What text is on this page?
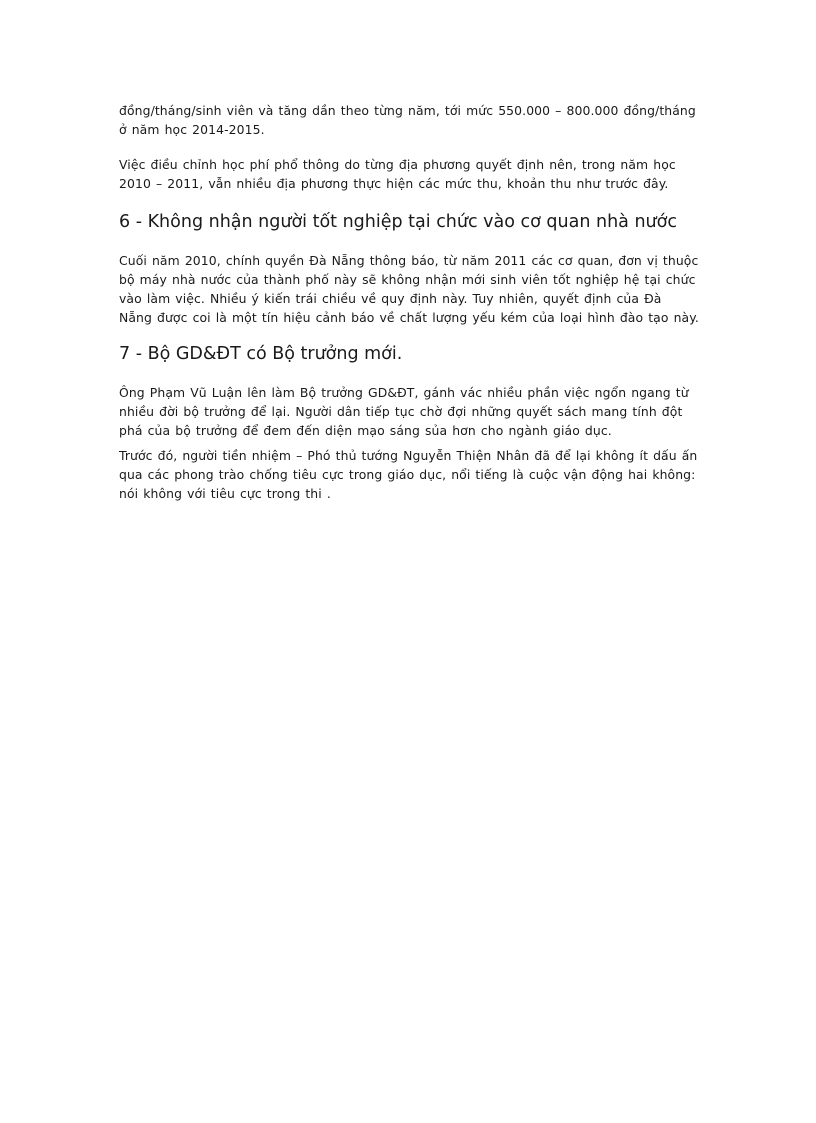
đồng/tháng/sinh viên và tăng dần theo từng năm, tới mức 550.000 – 800.000 đồng/tháng ở năm học 2014-2015.

Việc điều chỉnh học phí phổ thông do từng địa phương quyết định nên, trong năm học 2010 – 2011, vẫn nhiều địa phương thực hiện các mức thu, khoản thu như trước đây.

6 - Không nhận người tốt nghiệp tại chức vào cơ quan nhà nước

Cuối năm 2010, chính quyền Đà Nẵng thông báo, từ năm 2011 các cơ quan, đơn vị thuộc bộ máy nhà nước của thành phố này sẽ không nhận mới sinh viên tốt nghiệp hệ tại chức vào làm việc. Nhiều ý kiến trái chiều về quy định này. Tuy nhiên, quyết định của Đà Nẵng được coi là một tín hiệu cảnh báo về chất lượng yếu kém của loại hình đào tạo này.

7 - Bộ GD&ĐT có Bộ trưởng mới.

Ông Phạm Vũ Luận lên làm Bộ trưởng GD&ĐT, gánh vác nhiều phần việc ngổn ngang từ nhiều đời bộ trưởng để lại. Người dân tiếp tục chờ đợi những quyết sách mang tính đột phá của bộ trưởng để đem đến diện mạo sáng sủa hơn cho ngành giáo dục.

Trước đó, người tiền nhiệm – Phó thủ tướng Nguyễn Thiện Nhân đã để lại không ít dấu ấn qua các phong trào chống tiêu cực trong giáo dục, nổi tiếng là cuộc vận động hai không: nói không với tiêu cực trong thi .
